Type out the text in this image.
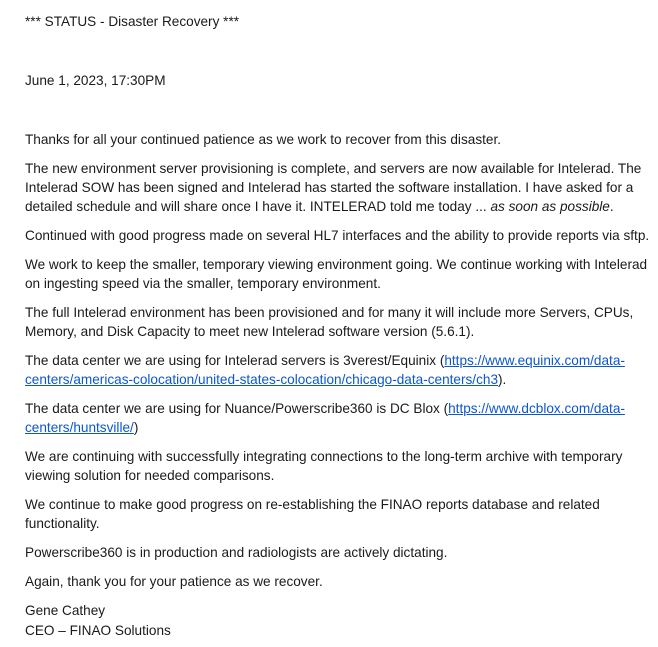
*** STATUS - Disaster Recovery ***

June 1, 2023, 17:30PM

Thanks for all your continued patience as we work to recover from this disaster.

The new environment server provisioning is complete, and servers are now available for Intelerad. The Intelerad SOW has been signed and Intelerad has started the software installation. I have asked for a detailed schedule and will share once I have it. INTELERAD told me today ... as soon as possible.

Continued with good progress made on several HL7 interfaces and the ability to provide reports via sftp.

We work to keep the smaller, temporary viewing environment going. We continue working with Intelerad on ingesting speed via the smaller, temporary environment.

The full Intelerad environment has been provisioned and for many it will include more Servers, CPUs, Memory, and Disk Capacity to meet new Intelerad software version (5.6.1).

The data center we are using for Intelerad servers is 3verest/Equinix (https://www.equinix.com/data-centers/americas-colocation/united-states-colocation/chicago-data-centers/ch3).

The data center we are using for Nuance/Powerscribe360 is DC Blox (https://www.dcblox.com/data-centers/huntsville/)

We are continuing with successfully integrating connections to the long-term archive with temporary viewing solution for needed comparisons.

We continue to make good progress on re-establishing the FINAO reports database and related functionality.

Powerscribe360 is in production and radiologists are actively dictating.

Again, thank you for your patience as we recover.

Gene Cathey

CEO – FINAO Solutions
